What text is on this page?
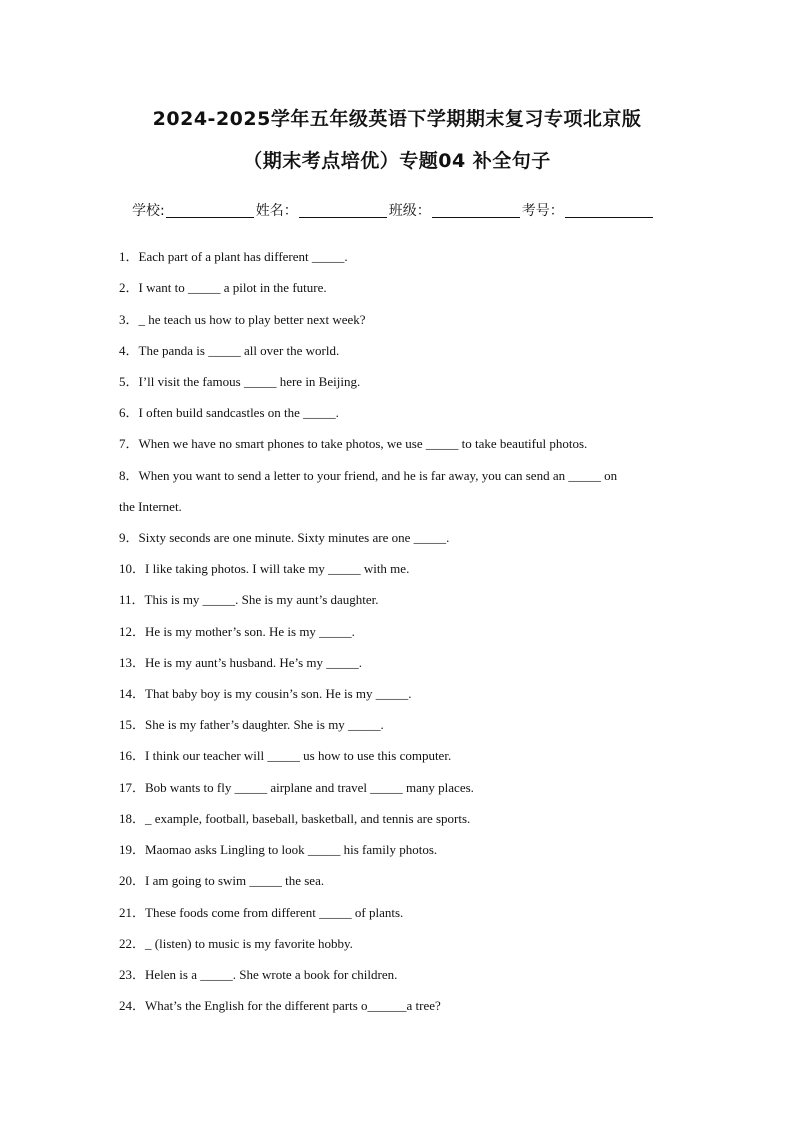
2024-2025学年五年级英语下学期期末复习专项北京版
（期末考点培优）专题04 补全句子
学校:	姓名：	班级：	考号：
1．Each part of a plant has different _____.
2．I want to _____ a pilot in the future.
3．_ he teach us how to play better next week?
4．The panda is _____ all over the world.
5．I’ll visit the famous _____ here in Beijing.
6．I often build sandcastles on the _____.
7．When we have no smart phones to take photos, we use _____ to take beautiful photos.
8．When you want to send a letter to your friend, and he is far away, you can send an _____ on
the Internet.
9．Sixty seconds are one minute. Sixty minutes are one _____.
10．I like taking photos. I will take my _____ with me.
11．This is my _____. She is my aunt’s daughter.
12．He is my mother’s son. He is my _____.
13．He is my aunt’s husband. He’s my _____.
14．That baby boy is my cousin’s son. He is my _____.
15．She is my father’s daughter. She is my _____.
16．I think our teacher will _____ us how to use this computer.
17．Bob wants to fly _____ airplane and travel _____ many places.
18．_ example, football, baseball, basketball, and tennis are sports.
19．Maomao asks Lingling to look _____ his family photos.
20．I am going to swim _____ the sea.
21．These foods come from different _____ of plants.
22．_ (listen) to music is my favorite hobby.
23．Helen is a _____. She wrote a book for children.
24．What’s the English for the different parts o______a tree?
